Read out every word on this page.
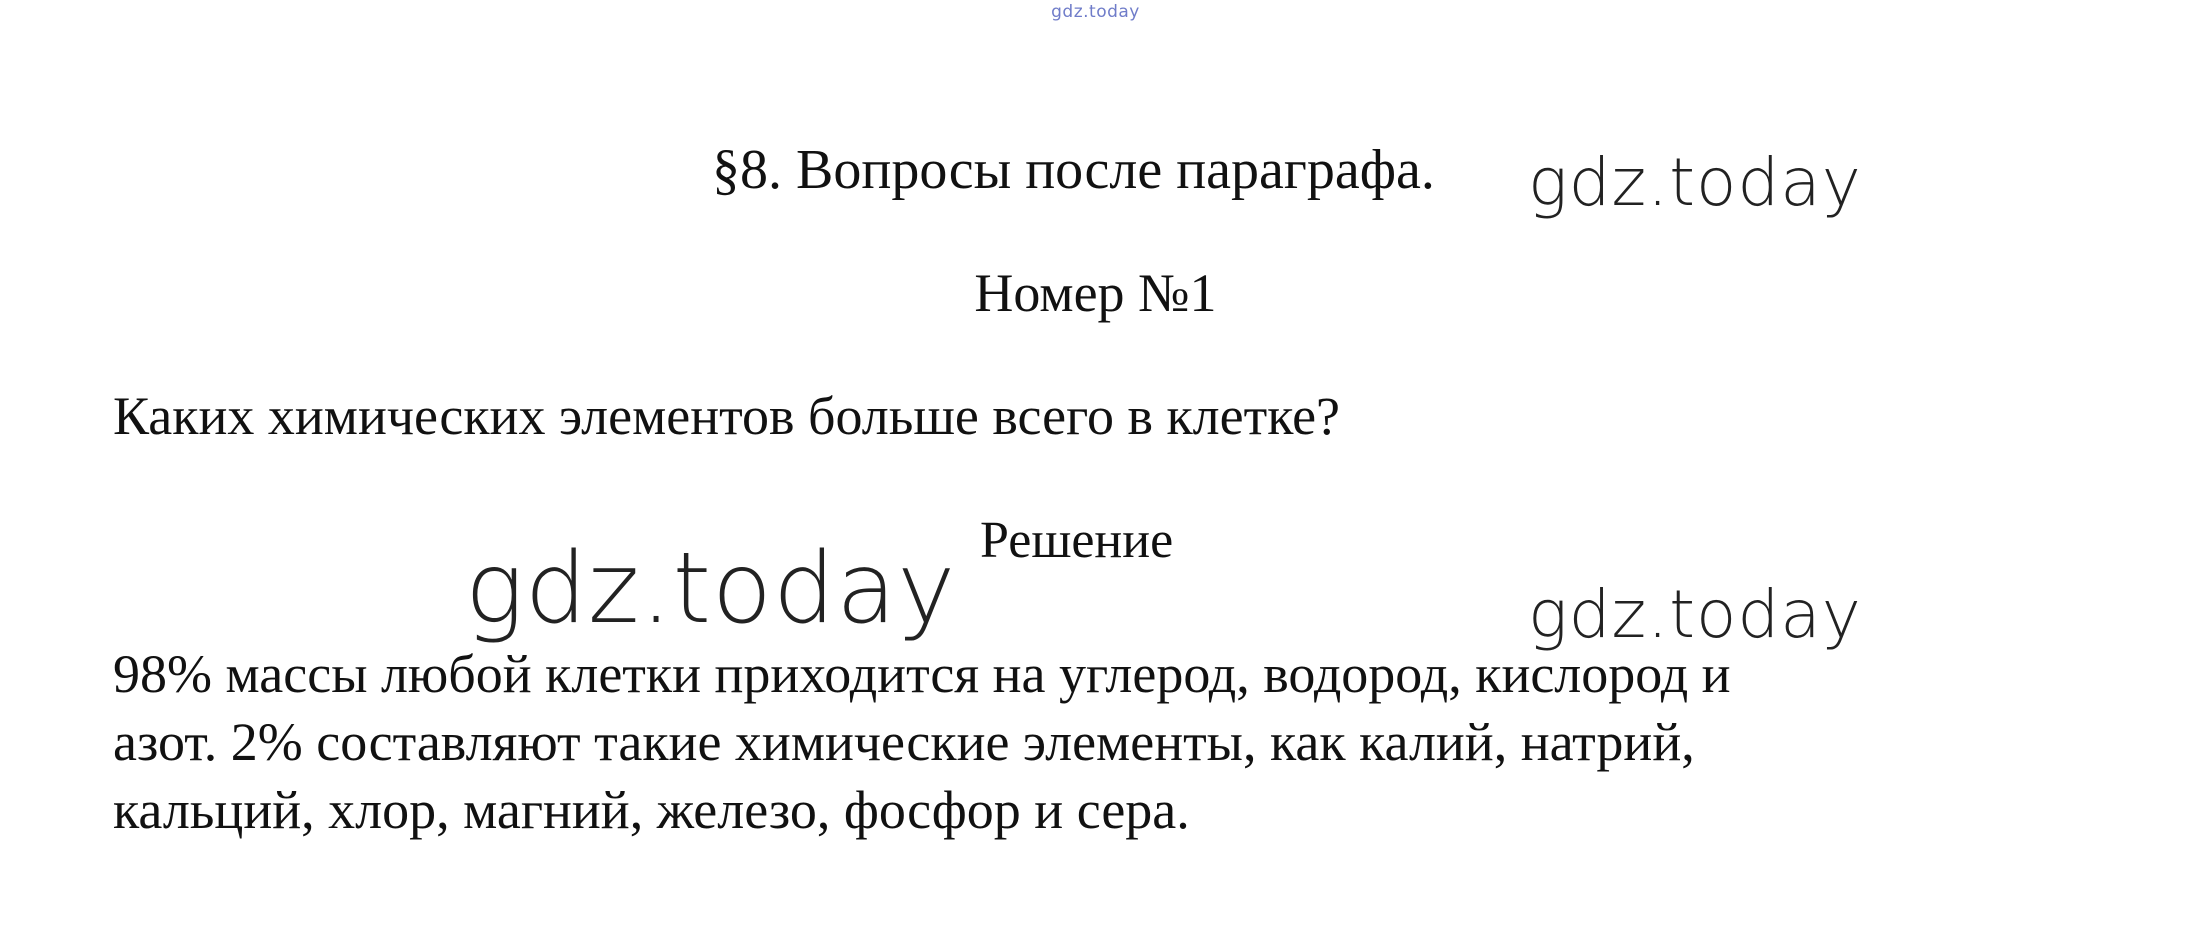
gdz.today
§8. Вопросы после параграфа. gdz.today
Номер №1
Каких химических элементов больше всего в клетке?
gdz.today Решение
gdz.today
98% массы любой клетки приходится на углерод, водород, кислород и
азот. 2% составляют такие химические элементы, как калий, натрий,
кальций, хлор, магний, железо, фосфор и сера.
